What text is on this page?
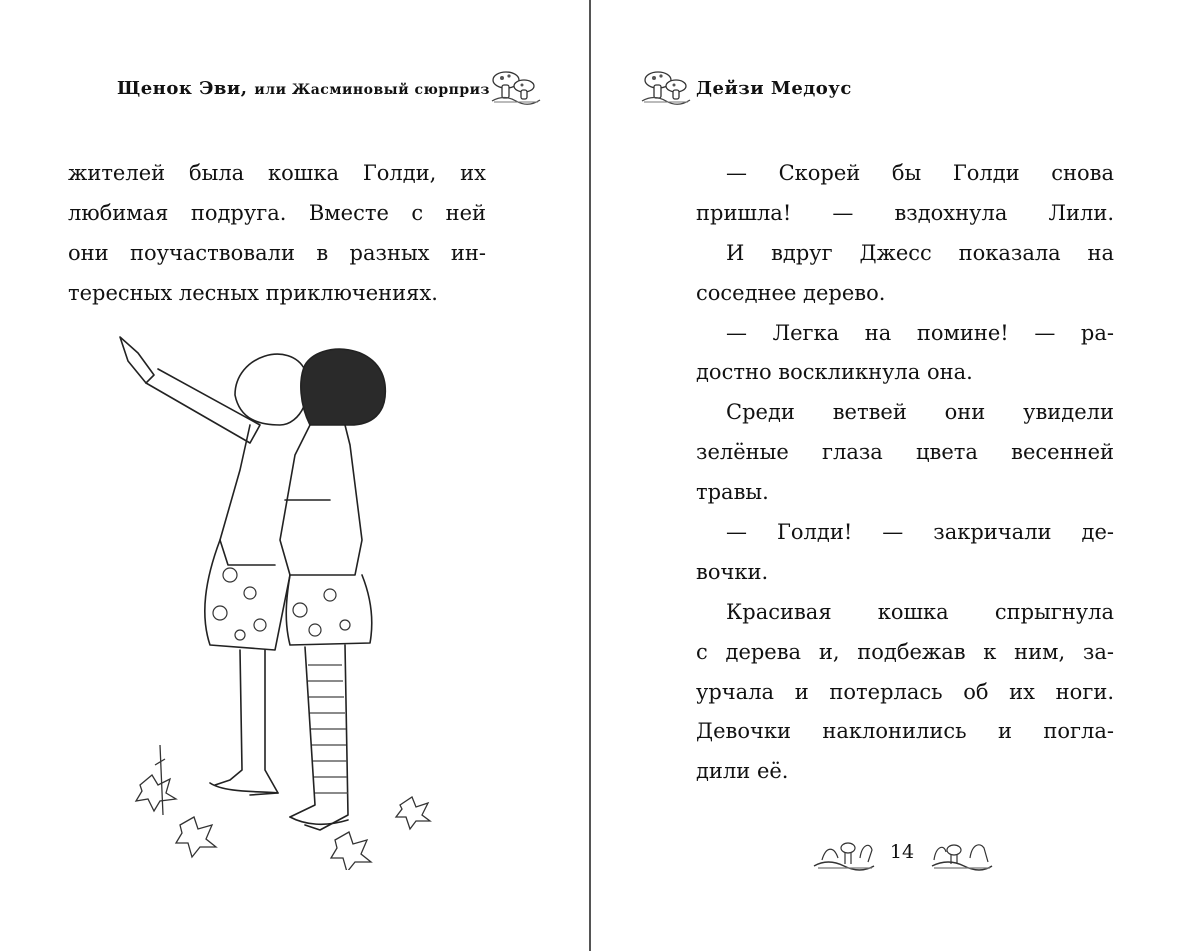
Щенок Эви, или Жасминовый сюрприз
жителей была кошка Голди, их
любимая подруга. Вместе с ней
они поучаствовали в разных ин-
тересных лесных приключениях.
Дейзи Медоус
— Скорей бы Голди снова
пришла! — вздохнула Лили.
И вдруг Джесс показала на
соседнее дерево.
— Легка на помине! — ра-
достно воскликнула она.
Среди ветвей они увидели
зелёные глаза цвета весенней
травы.
— Голди! — закричали де-
вочки.
Красивая кошка спрыгнула
с дерева и, подбежав к ним, за-
урчала и потерлась об их ноги.
Девочки наклонились и погла-
дили её.
14
